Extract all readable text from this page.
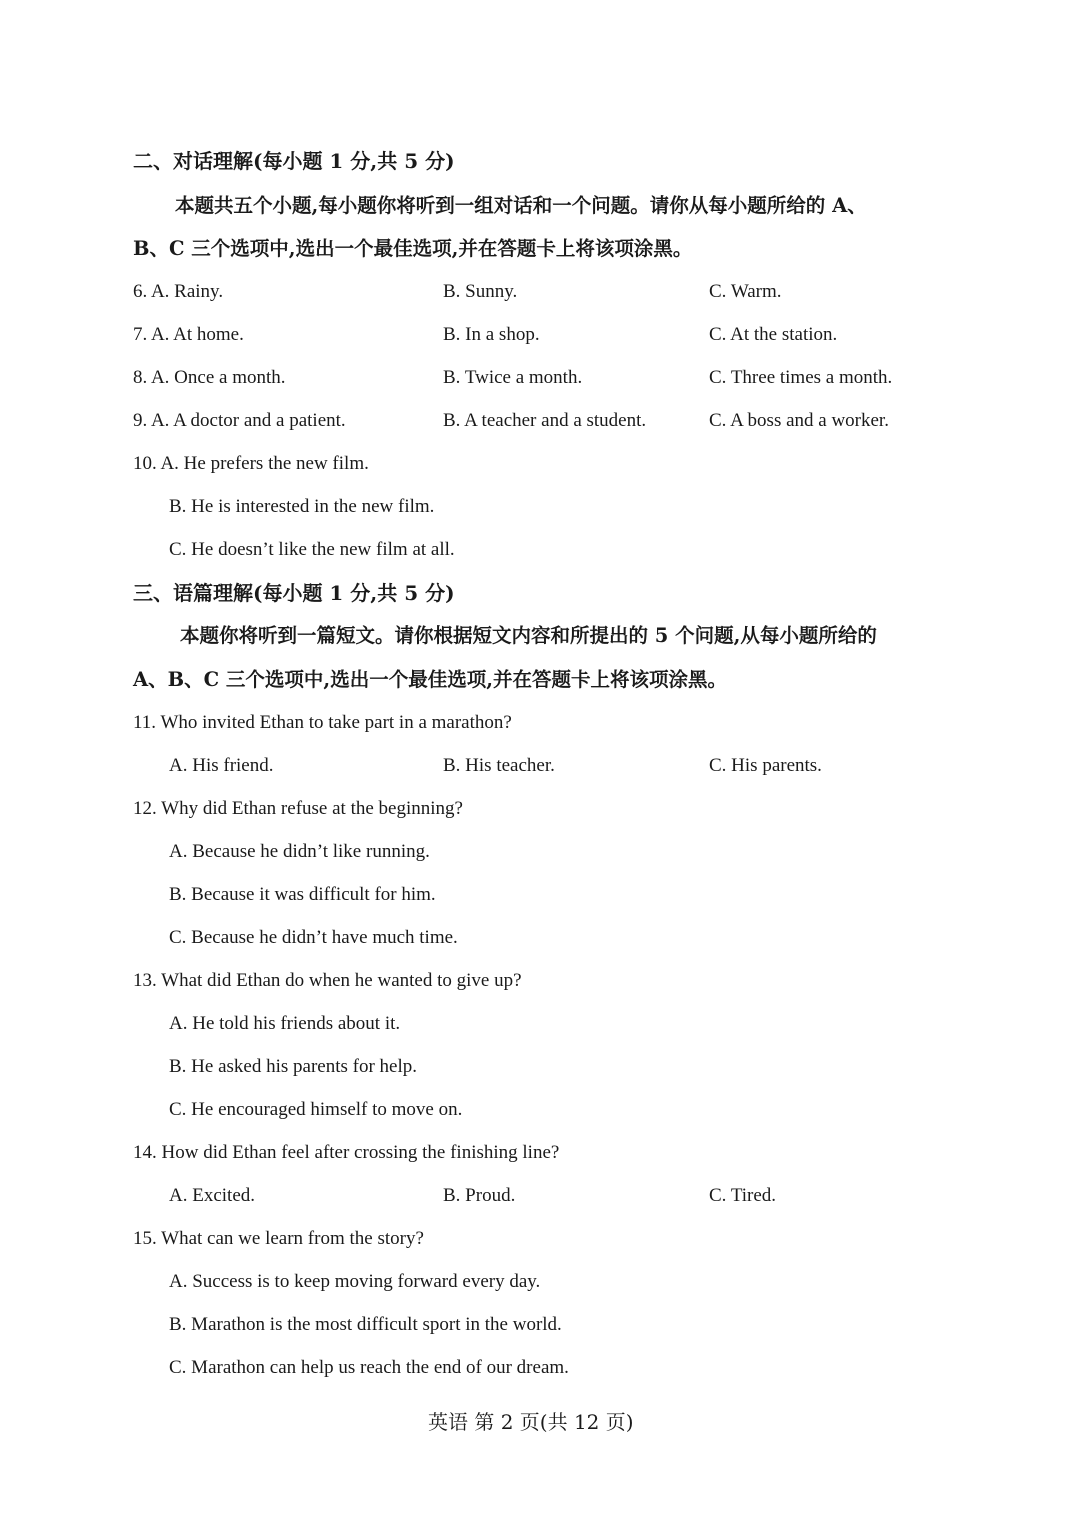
二、对话理解(每小题 1 分,共 5 分)
本题共五个小题,每小题你将听到一组对话和一个问题。请你从每小题所给的 A、
B、C 三个选项中,选出一个最佳选项,并在答题卡上将该项涂黑。
6. A. Rainy.	B. Sunny.	C. Warm.
7. A. At home.	B. In a shop.	C. At the station.
8. A. Once a month.	B. Twice a month.	C. Three times a month.
9. A. A doctor and a patient.	B. A teacher and a student.	C. A boss and a worker.
10. A. He prefers the new film.
B. He is interested in the new film.
C. He doesn’t like the new film at all.
三、语篇理解(每小题 1 分,共 5 分)
本题你将听到一篇短文。请你根据短文内容和所提出的 5 个问题,从每小题所给的
A、B、C 三个选项中,选出一个最佳选项,并在答题卡上将该项涂黑。
11. Who invited Ethan to take part in a marathon?
A. His friend.	B. His teacher.	C. His parents.
12. Why did Ethan refuse at the beginning?
A. Because he didn’t like running.
B. Because it was difficult for him.
C. Because he didn’t have much time.
13. What did Ethan do when he wanted to give up?
A. He told his friends about it.
B. He asked his parents for help.
C. He encouraged himself to move on.
14. How did Ethan feel after crossing the finishing line?
A. Excited.	B. Proud.	C. Tired.
15. What can we learn from the story?
A. Success is to keep moving forward every day.
B. Marathon is the most difficult sport in the world.
C. Marathon can help us reach the end of our dream.
英语 第 2 页(共 12 页)
